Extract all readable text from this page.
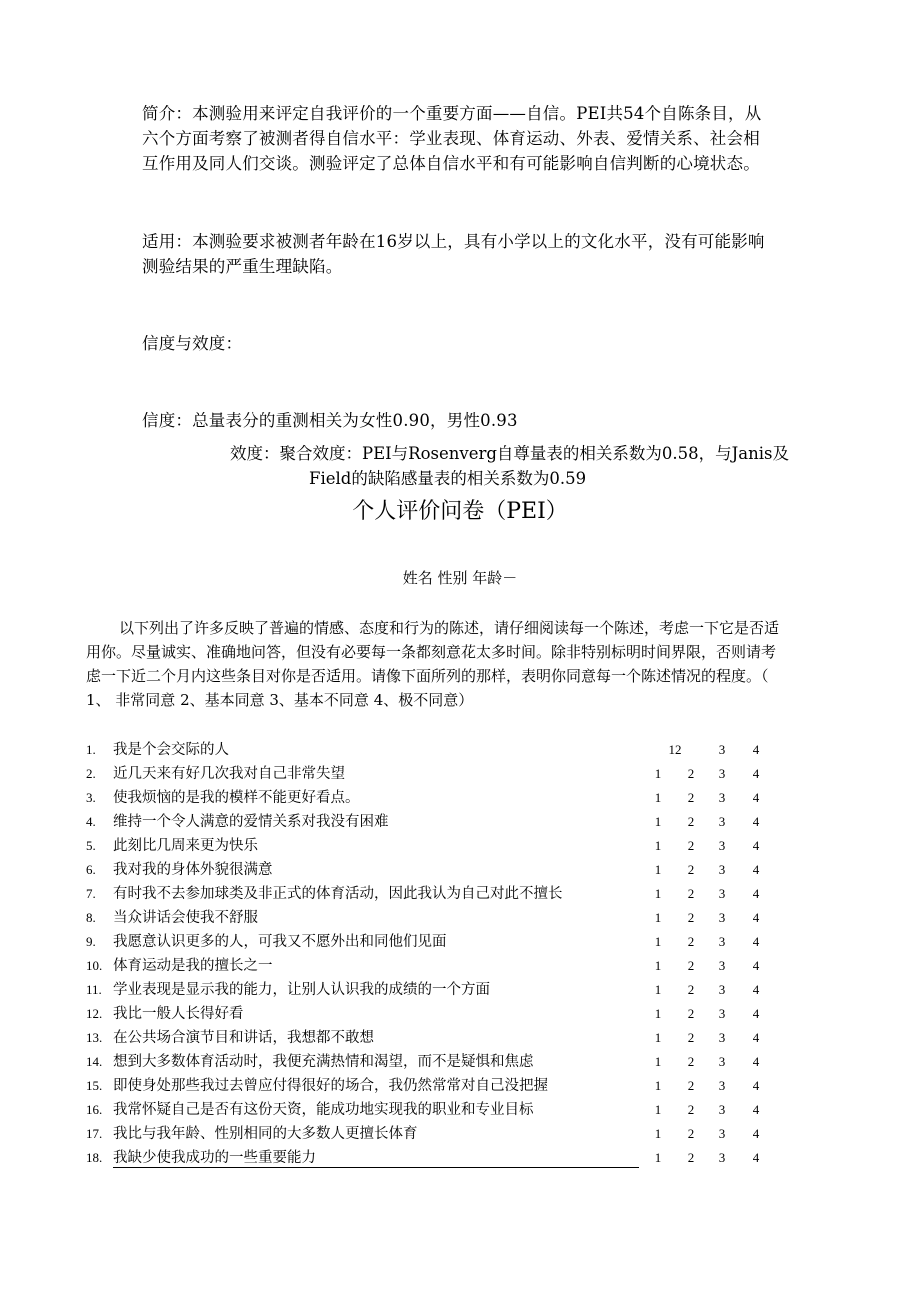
简介：本测验用来评定自我评价的一个重要方面——自信。PEI共54个自陈条目，从
六个方面考察了被测者得自信水平：学业表现、体育运动、外表、爱情关系、社会相
互作用及同人们交谈。测验评定了总体自信水平和有可能影响自信判断的心境状态。
适用：本测验要求被测者年龄在16岁以上，具有小学以上的文化水平，没有可能影响
测验结果的严重生理缺陷。
信度与效度：
信度：总量表分的重测相关为女性0.90，男性0.93
效度：聚合效度：PEI与Rosenverg自尊量表的相关系数为0.58，与Janis及
Field的缺陷感量表的相关系数为0.59
个人评价问卷（PEI）
姓名 性别 年龄－
以下列出了许多反映了普遍的情感、态度和行为的陈述，请仔细阅读每一个陈述，考虑一下它是否适
用你。尽量诚实、准确地问答，但没有必要每一条都刻意花太多时间。除非特别标明时间界限，否则请考
虑一下近二个月内这些条目对你是否适用。请像下面所列的那样，表明你同意每一个陈述情况的程度。（
1、 非常同意 2、基本同意 3、基本不同意 4、极不同意）
1.	我是个会交际的人	12	3 4
2.	近几天来有好几次我对自己非常失望	1 2 3 4
3.	使我烦恼的是我的模样不能更好看点。	1 2 3 4
4.	维持一个令人满意的爱情关系对我没有困难	1 2 3 4
5.	此刻比几周来更为快乐	1 2 3 4
6.	我对我的身体外貌很满意	1 2 3 4
7.	有时我不去参加球类及非正式的体育活动，因此我认为自己对此不擅长	1 2 3 4
8.	当众讲话会使我不舒服	1 2 3 4
9.	我愿意认识更多的人，可我又不愿外出和同他们见面	1 2 3 4
10. 体育运动是我的擅长之一	1 2 3 4
11. 学业表现是显示我的能力，让别人认识我的成绩的一个方面	1 2 3 4
12. 我比一般人长得好看	1 2 3 4
13. 在公共场合演节目和讲话，我想都不敢想	1 2 3 4
14. 想到大多数体育活动时，我便充满热情和渴望，而不是疑惧和焦虑	1 2 3 4
15. 即使身处那些我过去曾应付得很好的场合，我仍然常常对自己没把握	1 2 3 4
16. 我常怀疑自己是否有这份天资，能成功地实现我的职业和专业目标	1 2 3 4
17. 我比与我年龄、性别相同的大多数人更擅长体育	1 2 3 4
18. 我缺少使我成功的一些重要能力	1 2 3 4
